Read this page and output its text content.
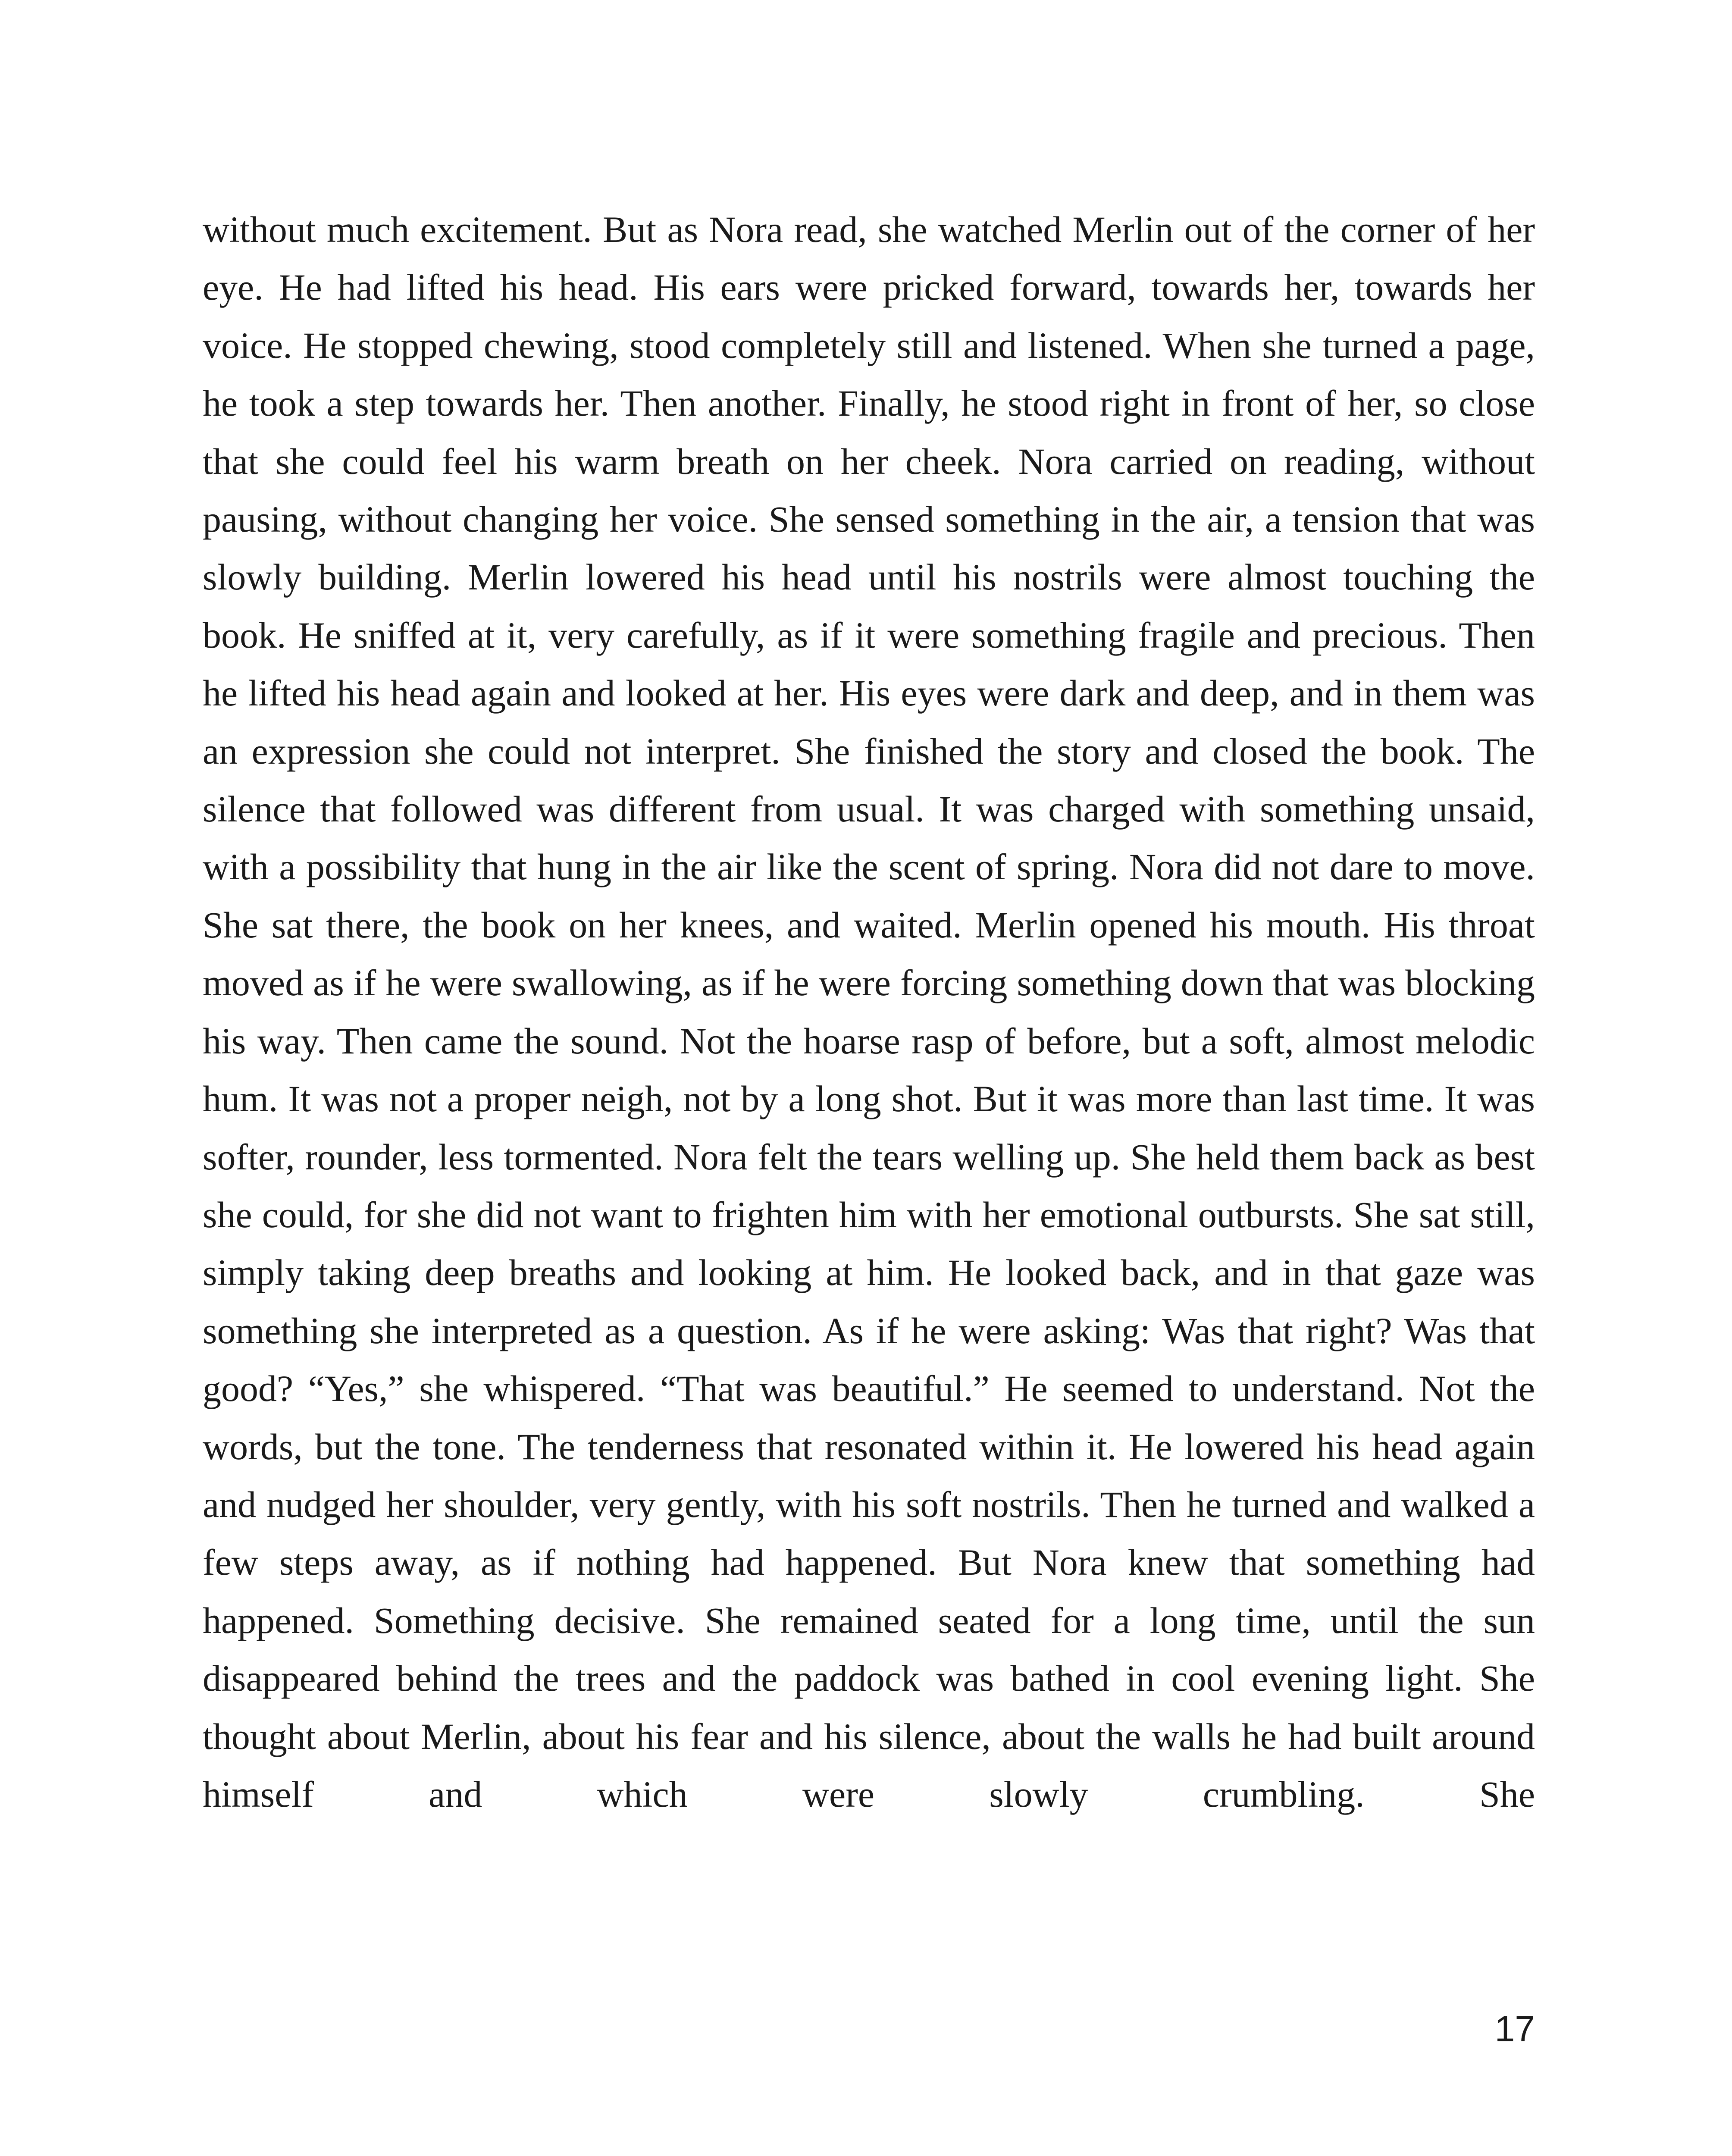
without much excitement. But as Nora read, she watched Merlin out of the corner of her eye. He had lifted his head. His ears were pricked forward, towards her, towards her voice. He stopped chewing, stood completely still and listened. When she turned a page, he took a step towards her. Then another. Finally, he stood right in front of her, so close that she could feel his warm breath on her cheek. Nora carried on reading, without pausing, without changing her voice. She sensed something in the air, a tension that was slowly building. Merlin lowered his head until his nostrils were almost touching the book. He sniffed at it, very carefully, as if it were something fragile and precious. Then he lifted his head again and looked at her. His eyes were dark and deep, and in them was an expression she could not interpret. She finished the story and closed the book. The silence that followed was different from usual. It was charged with something unsaid, with a possibility that hung in the air like the scent of spring. Nora did not dare to move. She sat there, the book on her knees, and waited. Merlin opened his mouth. His throat moved as if he were swallowing, as if he were forcing something down that was blocking his way. Then came the sound. Not the hoarse rasp of before, but a soft, almost melodic hum. It was not a proper neigh, not by a long shot. But it was more than last time. It was softer, rounder, less tormented. Nora felt the tears welling up. She held them back as best she could, for she did not want to frighten him with her emotional outbursts. She sat still, simply taking deep breaths and looking at him. He looked back, and in that gaze was something she interpreted as a question. As if he were asking: Was that right? Was that good? “Yes,” she whispered. “That was beautiful.” He seemed to understand. Not the words, but the tone. The tenderness that resonated within it. He lowered his head again and nudged her shoulder, very gently, with his soft nostrils. Then he turned and walked a few steps away, as if nothing had happened. But Nora knew that something had happened. Something decisive. She remained seated for a long time, until the sun disappeared behind the trees and the paddock was bathed in cool evening light. She thought about Merlin, about his fear and his silence, about the walls he had built around himself and which were slowly crumbling. She

17
